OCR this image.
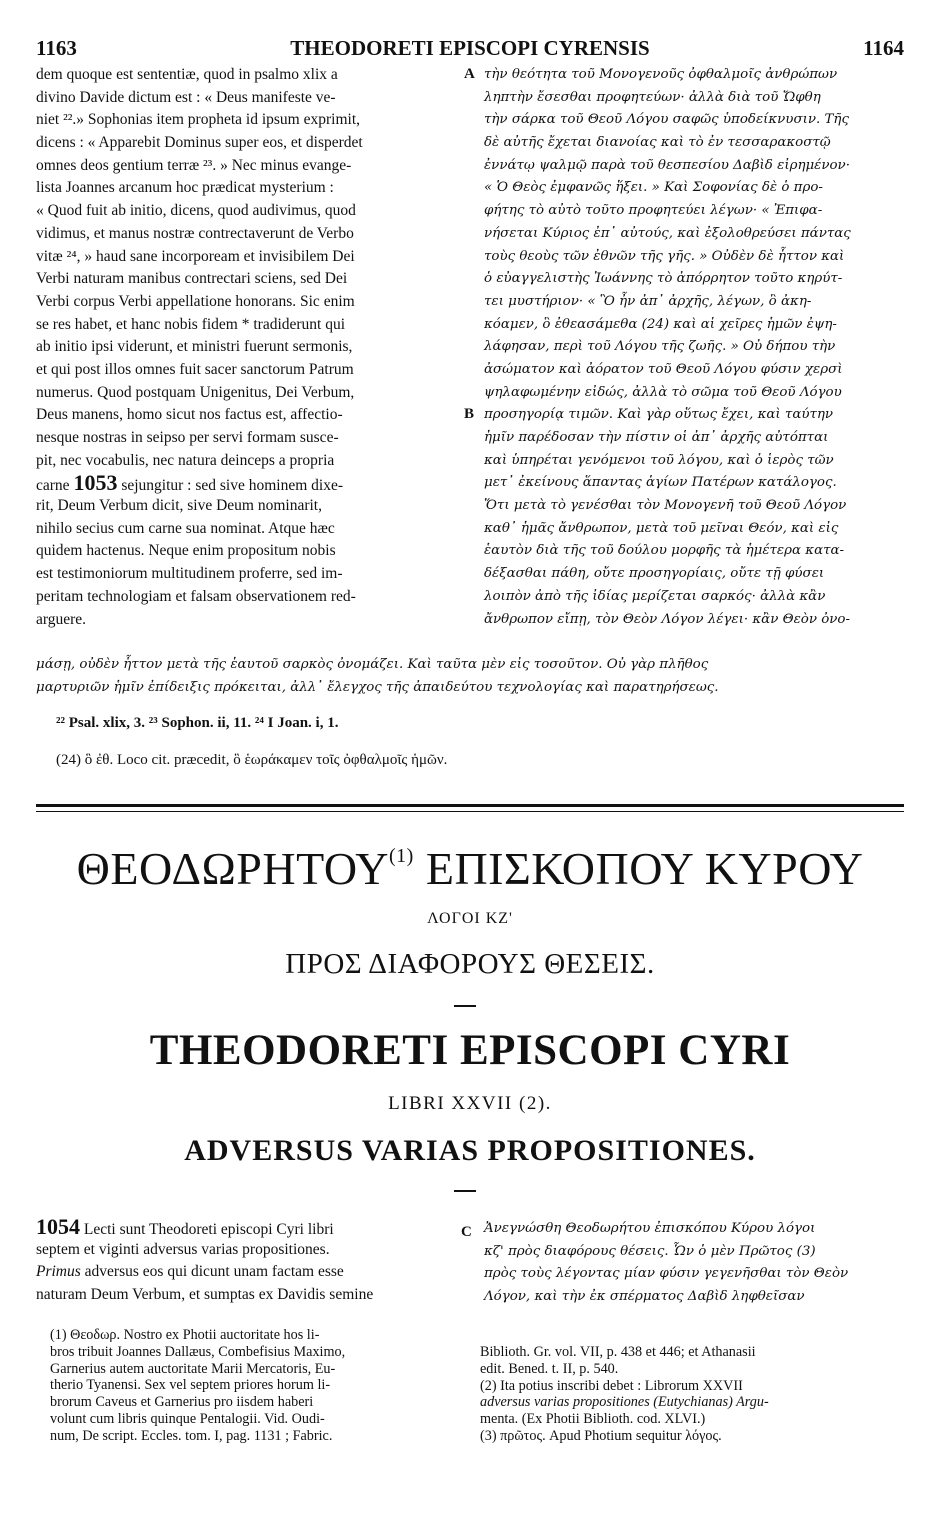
1163	THEODORETI EPISCOPI CYRENSIS	1164
dem quoque est sententiæ, quod in psalmo xlix a
divino Davide dictum est : « Deus manifeste ve-
niet ²².» Sophonias item propheta id ipsum exprimit,
dicens : « Apparebit Dominus super eos, et disperdet
omnes deos gentium terræ ²³. » Nec minus evange-
lista Joannes arcanum hoc prædicat mysterium :
« Quod fuit ab initio, dicens, quod audivimus, quod
vidimus, et manus nostræ contrectaverunt de Verbo
vitæ ²⁴, » haud sane incorpoream et invisibilem Dei
Verbi naturam manibus contrectari sciens, sed Dei
Verbi corpus Verbi appellatione honorans. Sic enim
se res habet, et hanc nobis fidem * tradiderunt qui
ab initio ipsi viderunt, et ministri fuerunt sermonis,
et qui post illos omnes fuit sacer sanctorum Patrum
numerus. Quod postquam Unigenitus, Dei Verbum,
Deus manens, homo sicut nos factus est, affectio-
nesque nostras in seipso per servi formam susce-
pit, nec vocabulis, nec natura deinceps a propria
carne 1053 sejungitur : sed sive hominem dixe-
rit, Deum Verbum dicit, sive Deum nominarit,
nihilo secius cum carne sua nominat. Atque hæc
quidem hactenus. Neque enim propositum nobis
est testimoniorum multitudinem proferre, sed im-
peritam technologiam et falsam observationem red-
arguere.
A
B
τὴν θεότητα τοῦ Μονογενοῦς ὀφθαλμοῖς ἀνθρώπων
ληπτὴν ἔσεσθαι προφητεύων· ἀλλὰ διὰ τοῦ Ὤφθη
τὴν σάρκα τοῦ Θεοῦ Λόγου σαφῶς ὑποδείκνυσιν. Τῆς
δὲ αὐτῆς ἔχεται διανοίας καὶ τὸ ἐν τεσσαρακοστῷ
ἐννάτῳ ψαλμῷ παρὰ τοῦ θεσπεσίου Δαβὶδ εἰρημένον·
« Ὁ Θεὸς ἐμφανῶς ἥξει. » Καὶ Σοφονίας δὲ ὁ προ-
φήτης τὸ αὐτὸ τοῦτο προφητεύει λέγων· « Ἐπιφα-
νήσεται Κύριος ἐπ᾽ αὐτούς, καὶ ἐξολοθρεύσει πάντας
τοὺς θεοὺς τῶν ἐθνῶν τῆς γῆς. » Οὐδὲν δὲ ἧττον καὶ
ὁ εὐαγγελιστὴς Ἰωάννης τὸ ἀπόρρητον τοῦτο κηρύτ-
τει μυστήριον· « Ὃ ἦν ἀπ᾽ ἀρχῆς, λέγων, ὃ ἀκη-
κόαμεν, ὃ ἐθεασάμεθα (24) καὶ αἱ χεῖρες ἡμῶν ἐψη-
λάφησαν, περὶ τοῦ Λόγου τῆς ζωῆς. » Οὐ δήπου τὴν
ἀσώματον καὶ ἀόρατον τοῦ Θεοῦ Λόγου φύσιν χερσὶ
ψηλαφωμένην εἰδώς, ἀλλὰ τὸ σῶμα τοῦ Θεοῦ Λόγου
προσηγορίᾳ τιμῶν. Καὶ γὰρ οὕτως ἔχει, καὶ ταύτην
ἡμῖν παρέδοσαν τὴν πίστιν οἱ ἀπ᾽ ἀρχῆς αὐτόπται
καὶ ὑπηρέται γενόμενοι τοῦ λόγου, καὶ ὁ ἱερὸς τῶν
μετ᾽ ἐκείνους ἅπαντας ἁγίων Πατέρων κατάλογος.
Ὅτι μετὰ τὸ γενέσθαι τὸν Μονογενῆ τοῦ Θεοῦ Λόγον
καθ᾽ ἡμᾶς ἄνθρωπον, μετὰ τοῦ μεῖναι Θεόν, καὶ εἰς
ἑαυτὸν διὰ τῆς τοῦ δούλου μορφῆς τὰ ἡμέτερα κατα-
δέξασθαι πάθη, οὔτε προσηγορίαις, οὔτε τῇ φύσει
λοιπὸν ἀπὸ τῆς ἰδίας μερίζεται σαρκός· ἀλλὰ κἂν
ἄνθρωπον εἴπῃ, τὸν Θεὸν Λόγον λέγει· κἂν Θεὸν ὀνο-
μάσῃ, οὐδὲν ἧττον μετὰ τῆς ἑαυτοῦ σαρκὸς ὀνομάζει. Καὶ ταῦτα μὲν εἰς τοσοῦτον. Οὐ γὰρ πλῆθος
μαρτυριῶν ἡμῖν ἐπίδειξις πρόκειται, ἀλλ᾽ ἔλεγχος τῆς ἀπαιδεύτου τεχνολογίας καὶ παρατηρήσεως.
²² Psal. xlix, 3. ²³ Sophon. ii, 11. ²⁴ I Joan. i, 1.
(24) ὃ ἐθ. Loco cit. præcedit, ὃ ἑωράκαμεν τοῖς ὀφθαλμοῖς ἡμῶν.
ΘΕΟΔΩΡΗΤΟΥ$^{(1)}$ ΕΠΙΣΚΟΠΟΥ ΚΥΡΟΥ
ΛΟΓΟΙ ΚΖ'
ΠΡΟΣ ΔΙΑΦΟΡΟΥΣ ΘΕΣΕΙΣ.
THEODORETI EPISCOPI CYRI
LIBRI XXVII (2).
ADVERSUS VARIAS PROPOSITIONES.
1054 Lecti sunt Theodoreti episcopi Cyri libri
septem et viginti adversus varias propositiones.
Primus adversus eos qui dicunt unam factam esse
naturam Deum Verbum, et sumptas ex Davidis semine
C Ἀνεγνώσθη Θεοδωρήτου ἐπισκόπου Κύρου λόγοι
κζ' πρὸς διαφόρους θέσεις. Ὧν ὁ μὲν Πρῶτος (3)
πρὸς τοὺς λέγοντας μίαν φύσιν γεγενῆσθαι τὸν Θεὸν
Λόγον, καὶ τὴν ἐκ σπέρματος Δαβὶδ ληφθεῖσαν
(1) Θεοδωρ. Nostro ex Photii auctoritate hos li-
bros tribuit Joannes Dallæus, Combefisius Maximo,
Garnerius autem auctoritate Marii Mercatoris, Eu-
therio Tyanensi. Sex vel septem priores horum li-
brorum Caveus et Garnerius pro iisdem haberi
volunt cum libris quinque Pentalogii. Vid. Oudi-
num, De script. Eccles. tom. I, pag. 1131 ; Fabric.
Biblioth. Gr. vol. VII, p. 438 et 446; et Athanasii
edit. Bened. t. II, p. 540.
(2) Ita potius inscribi debet : Librorum XXVII
adversus varias propositiones (Eutychianas) Argu-
menta. (Ex Photii Biblioth. cod. XLVI.)
(3) πρῶτος. Apud Photium sequitur λόγος.
